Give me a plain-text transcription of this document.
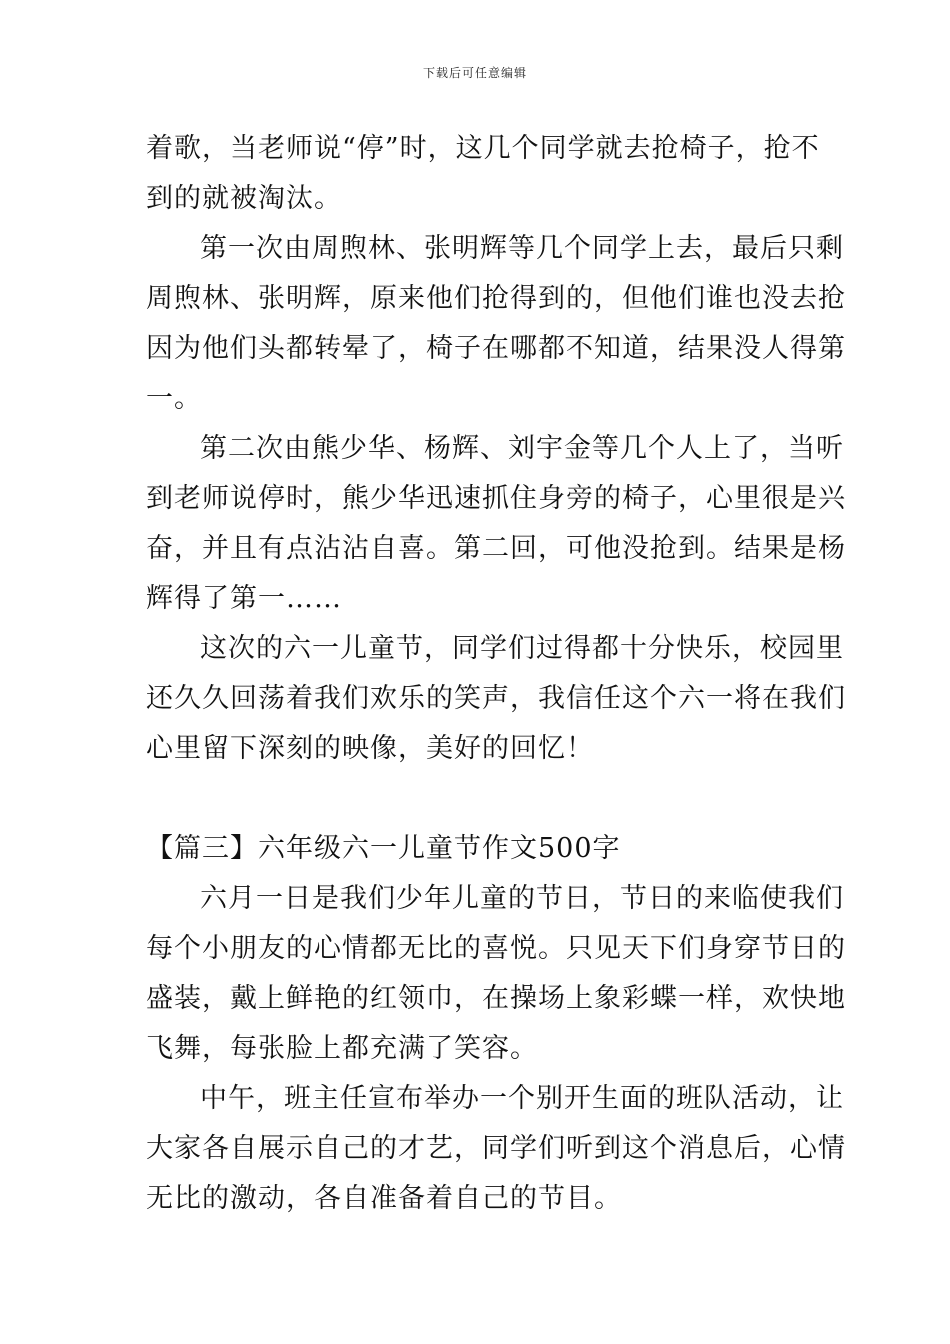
下载后可任意编辑
着歌，当老师说“停”时，这几个同学就去抢椅子，抢不
到的就被淘汰。
第一次由周煦林、张明辉等几个同学上去，最后只剩
周煦林、张明辉，原来他们抢得到的，但他们谁也没去抢
因为他们头都转晕了，椅子在哪都不知道，结果没人得第
一。
第二次由熊少华、杨辉、刘宇金等几个人上了，当听
到老师说停时，熊少华迅速抓住身旁的椅子，心里很是兴
奋，并且有点沾沾自喜。第二回，可他没抢到。结果是杨
辉得了第一……
这次的六一儿童节，同学们过得都十分快乐，校园里
还久久回荡着我们欢乐的笑声，我信任这个六一将在我们
心里留下深刻的映像，美好的回忆！
【篇三】六年级六一儿童节作文500字
六月一日是我们少年儿童的节日，节日的来临使我们
每个小朋友的心情都无比的喜悦。只见天下们身穿节日的
盛装，戴上鲜艳的红领巾，在操场上象彩蝶一样，欢快地
飞舞，每张脸上都充满了笑容。
中午，班主任宣布举办一个别开生面的班队活动，让
大家各自展示自己的才艺，同学们听到这个消息后，心情
无比的激动，各自准备着自己的节目。
